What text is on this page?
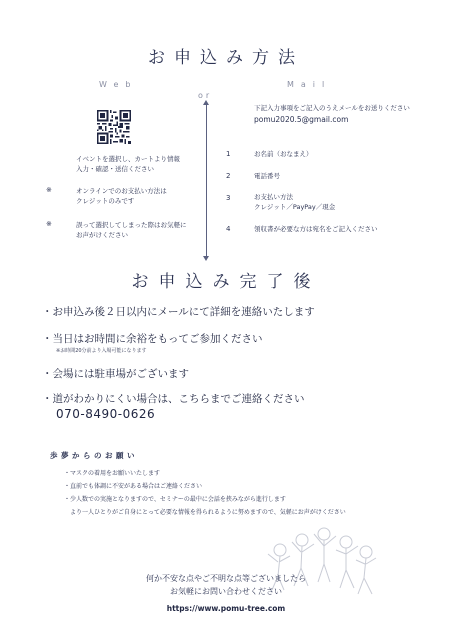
お申込み方法
Web
or
Mail
イベントを選択し、カートより情報
入力・確認・送信ください
※	オンラインでのお支払い方法は
クレジットのみです
※	誤って選択してしまった際はお気軽に
お声がけください
下記入力事項をご記入のうえメールをお送りください
pomu2020.5@gmail.com
1	お名前（おなまえ）
2	電話番号
3	お支払い方法
クレジット／PayPay／現金
4	領収書が必要な方は宛名をご記入ください
お申込み完了後
・お申込み後２日以内にメールにて詳細を連絡いたします
・当日はお時間に余裕をもってご参加ください
※お時間20分前より入場可能になります
・会場には駐車場がございます
・道がわかりにくい場合は、こちらまでご連絡ください
070-8490-0626
歩夢からのお願い
・マスクの着用をお願いいたします
・直前でも体調に不安がある場合はご連絡ください
・少人数での実施となりますので、セミナーの最中に会話を挟みながら進行します
　より一人ひとりがご自身にとって必要な情報を得られるように努めますので、気軽にお声がけください
何か不安な点やご不明な点等ございましたら
お気軽にお問い合わせください
https://www.pomu-tree.com
